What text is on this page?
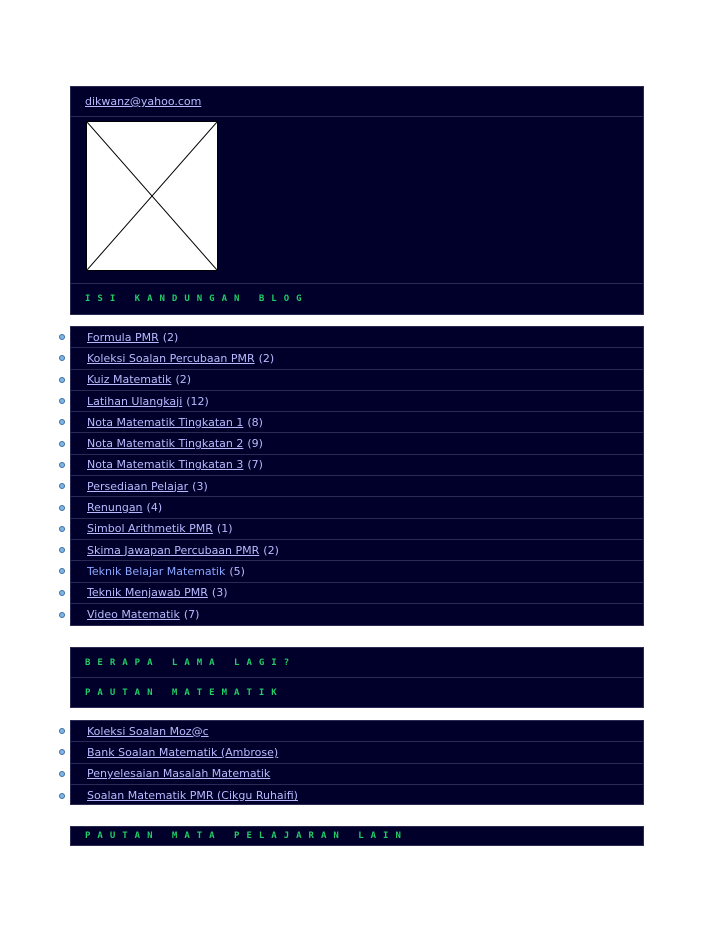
dikwanz@yahoo.com
ISI KANDUNGAN BLOG
Formula PMR (2)
Koleksi Soalan Percubaan PMR (2)
Kuiz Matematik (2)
Latihan Ulangkaji (12)
Nota Matematik Tingkatan 1 (8)
Nota Matematik Tingkatan 2 (9)
Nota Matematik Tingkatan 3 (7)
Persediaan Pelajar (3)
Renungan (4)
Simbol Arithmetik PMR (1)
Skima Jawapan Percubaan PMR (2)
Teknik Belajar Matematik (5)
Teknik Menjawab PMR (3)
Video Matematik (7)
BERAPA LAMA LAGI?
PAUTAN MATEMATIK
Koleksi Soalan Moz@c
Bank Soalan Matematik (Ambrose)
Penyelesaian Masalah Matematik
Soalan Matematik PMR (Cikgu Ruhaifi)
PAUTAN MATA PELAJARAN LAIN
